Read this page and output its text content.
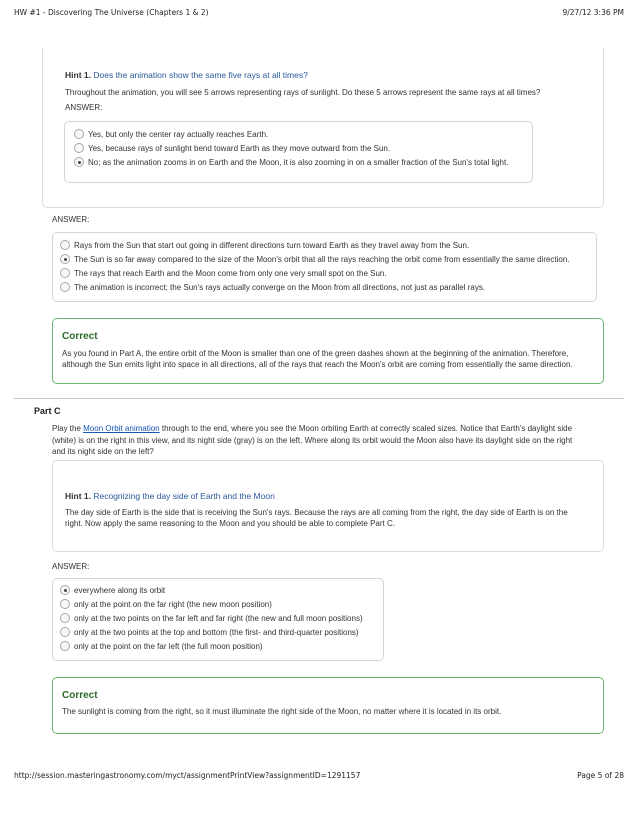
HW #1 - Discovering The Universe (Chapters 1 & 2)	9/27/12 3:36 PM
Hint 1. Does the animation show the same five rays at all times?
Throughout the animation, you will see 5 arrows representing rays of sunlight. Do these 5 arrows represent the same rays at all times?
ANSWER:
Yes, but only the center ray actually reaches Earth.
Yes, because rays of sunlight bend toward Earth as they move outward from the Sun.
No; as the animation zooms in on Earth and the Moon, it is also zooming in on a smaller fraction of the Sun's total light.
ANSWER:
Rays from the Sun that start out going in different directions turn toward Earth as they travel away from the Sun.
The Sun is so far away compared to the size of the Moon's orbit that all the rays reaching the orbit come from essentially the same direction.
The rays that reach Earth and the Moon come from only one very small spot on the Sun.
The animation is incorrect; the Sun's rays actually converge on the Moon from all directions, not just as parallel rays.
Correct
As you found in Part A, the entire orbit of the Moon is smaller than one of the green dashes shown at the beginning of the animation. Therefore,
although the Sun emits light into space in all directions, all of the rays that reach the Moon's orbit are coming from essentially the same direction.
Part C
Play the Moon Orbit animation through to the end, where you see the Moon orbiting Earth at correctly scaled sizes. Notice that Earth's daylight side
(white) is on the right in this view, and its night side (gray) is on the left. Where along its orbit would the Moon also have its daylight side on the right
and its night side on the left?
Hint 1. Recognizing the day side of Earth and the Moon
The day side of Earth is the side that is receiving the Sun's rays. Because the rays are all coming from the right, the day side of Earth is on the
right. Now apply the same reasoning to the Moon and you should be able to complete Part C.
ANSWER:
everywhere along its orbit
only at the point on the far right (the new moon position)
only at the two points on the far left and far right (the new and full moon positions)
only at the two points at the top and bottom (the first- and third-quarter positions)
only at the point on the far left (the full moon position)
Correct
The sunlight is coming from the right, so it must illuminate the right side of the Moon, no matter where it is located in its orbit.
http://session.masteringastronomy.com/myct/assignmentPrintView?assignmentID=1291157	Page 5 of 28
